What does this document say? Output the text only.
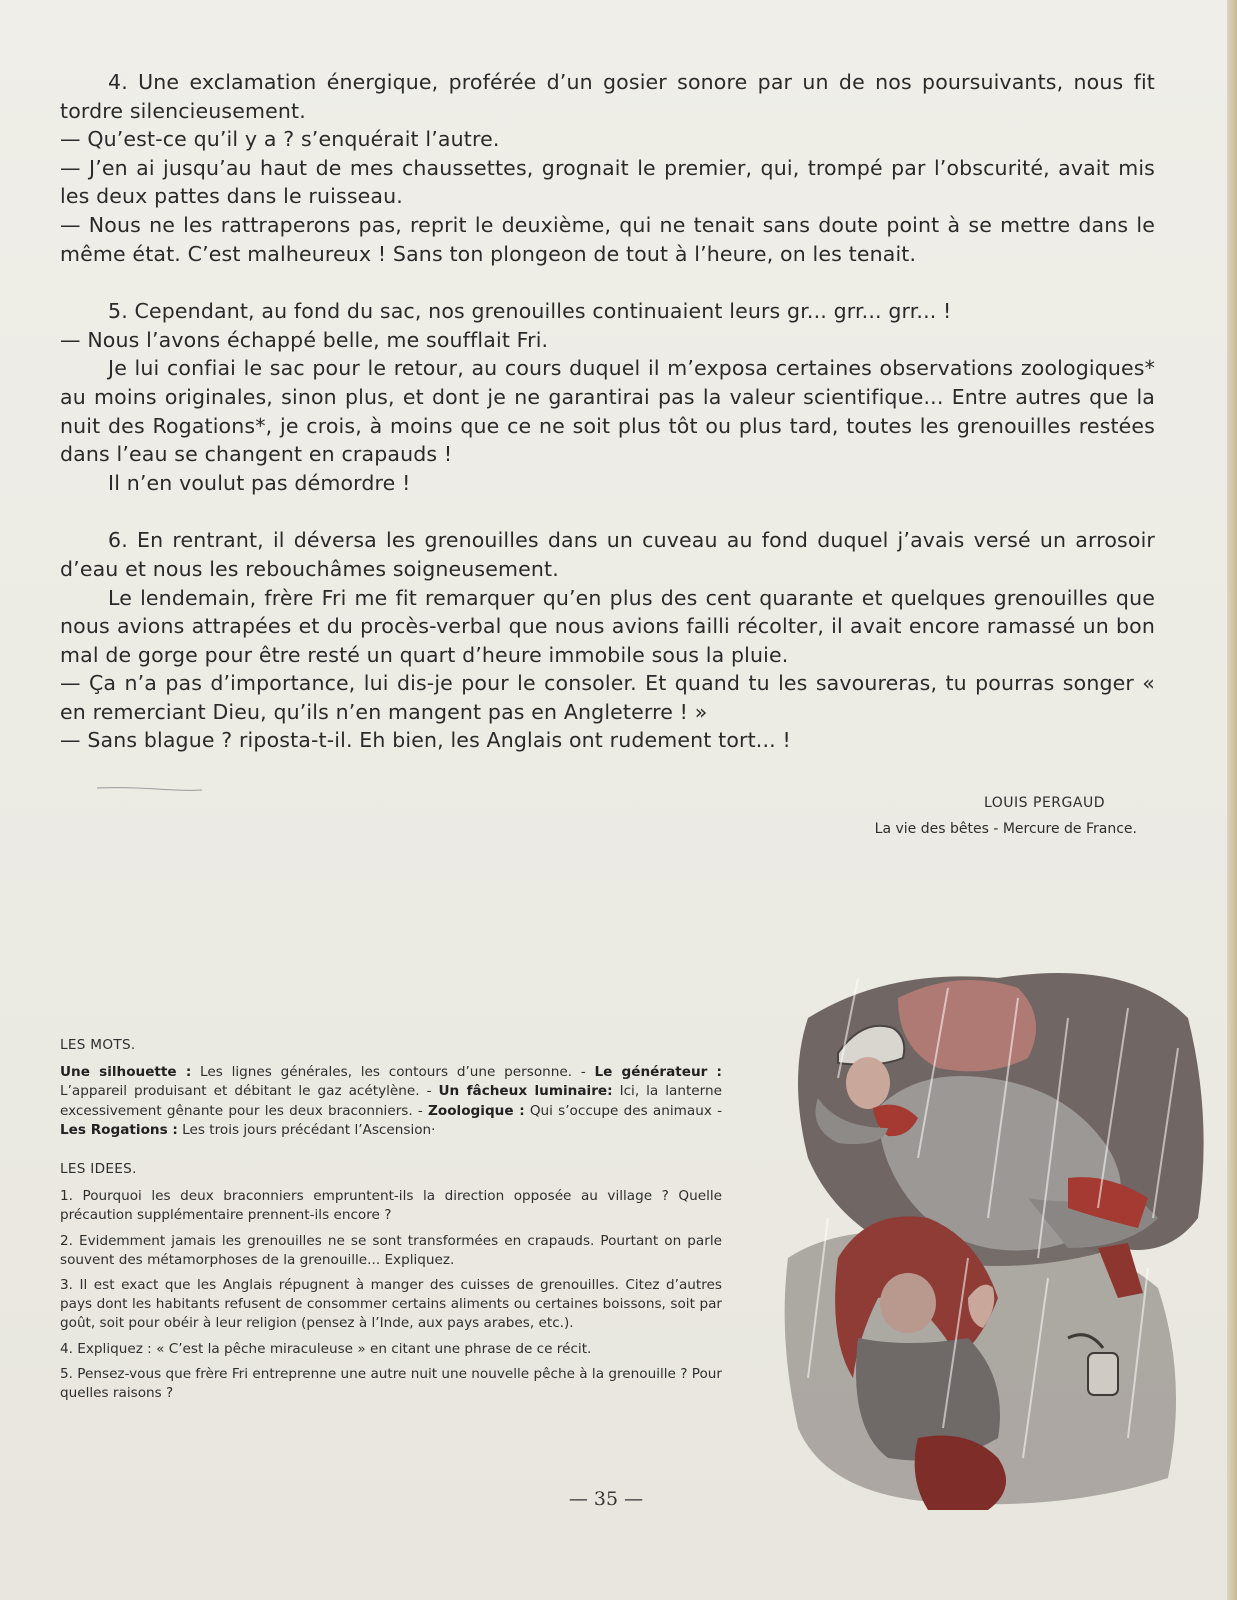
4. Une exclamation énergique, proférée d’un gosier sonore par un de nos poursuivants, nous fit tordre silencieusement.

— Qu’est-ce qu’il y a ? s’enquérait l’autre.

— J’en ai jusqu’au haut de mes chaussettes, grognait le premier, qui, trompé par l’obscurité, avait mis les deux pattes dans le ruisseau.

— Nous ne les rattraperons pas, reprit le deuxième, qui ne tenait sans doute point à se mettre dans le même état. C’est malheureux ! Sans ton plongeon de tout à l’heure, on les tenait.

5. Cependant, au fond du sac, nos grenouilles continuaient leurs gr... grr... grr... !

— Nous l’avons échappé belle, me soufflait Fri.

Je lui confiai le sac pour le retour, au cours duquel il m’exposa certaines observations zoologiques* au moins originales, sinon plus, et dont je ne garantirai pas la valeur scientifique... Entre autres que la nuit des Rogations*, je crois, à moins que ce ne soit plus tôt ou plus tard, toutes les grenouilles restées dans l’eau se changent en crapauds !

Il n’en voulut pas démordre !

6. En rentrant, il déversa les grenouilles dans un cuveau au fond duquel j’avais versé un arrosoir d’eau et nous les rebouchâmes soigneusement.

Le lendemain, frère Fri me fit remarquer qu’en plus des cent quarante et quelques grenouilles que nous avions attrapées et du procès-verbal que nous avions failli récolter, il avait encore ramassé un bon mal de gorge pour être resté un quart d’heure immobile sous la pluie.

— Ça n’a pas d’importance, lui dis-je pour le consoler. Et quand tu les savoureras, tu pourras songer « en remerciant Dieu, qu’ils n’en mangent pas en Angleterre ! »

— Sans blague ? riposta-t-il. Eh bien, les Anglais ont rudement tort... !

LOUIS PERGAUD
La vie des bêtes - Mercure de France.

LES MOTS.

Une silhouette : Les lignes générales, les contours d’une personne. - Le générateur : L’appareil produisant et débitant le gaz acétylène. - Un fâcheux luminaire: Ici, la lanterne excessivement gênante pour les deux braconniers. - Zoologique : Qui s’occupe des animaux - Les Rogations : Les trois jours précédant l’Ascension·

LES IDEES.

1. Pourquoi les deux braconniers empruntent-ils la direction opposée au village ? Quelle précaution supplémentaire prennent-ils encore ?

2. Evidemment jamais les grenouilles ne se sont transformées en crapauds. Pourtant on parle souvent des métamorphoses de la grenouille... Expliquez.

3. Il est exact que les Anglais répugnent à manger des cuisses de grenouilles. Citez d’autres pays dont les habitants refusent de consommer certains aliments ou certaines boissons, soit par goût, soit pour obéir à leur religion (pensez à l’Inde, aux pays arabes, etc.).

4. Expliquez : « C’est la pêche miraculeuse » en citant une phrase de ce récit.

5. Pensez-vous que frère Fri entreprenne une autre nuit une nouvelle pêche à la grenouille ? Pour quelles raisons ?

— 35 —
